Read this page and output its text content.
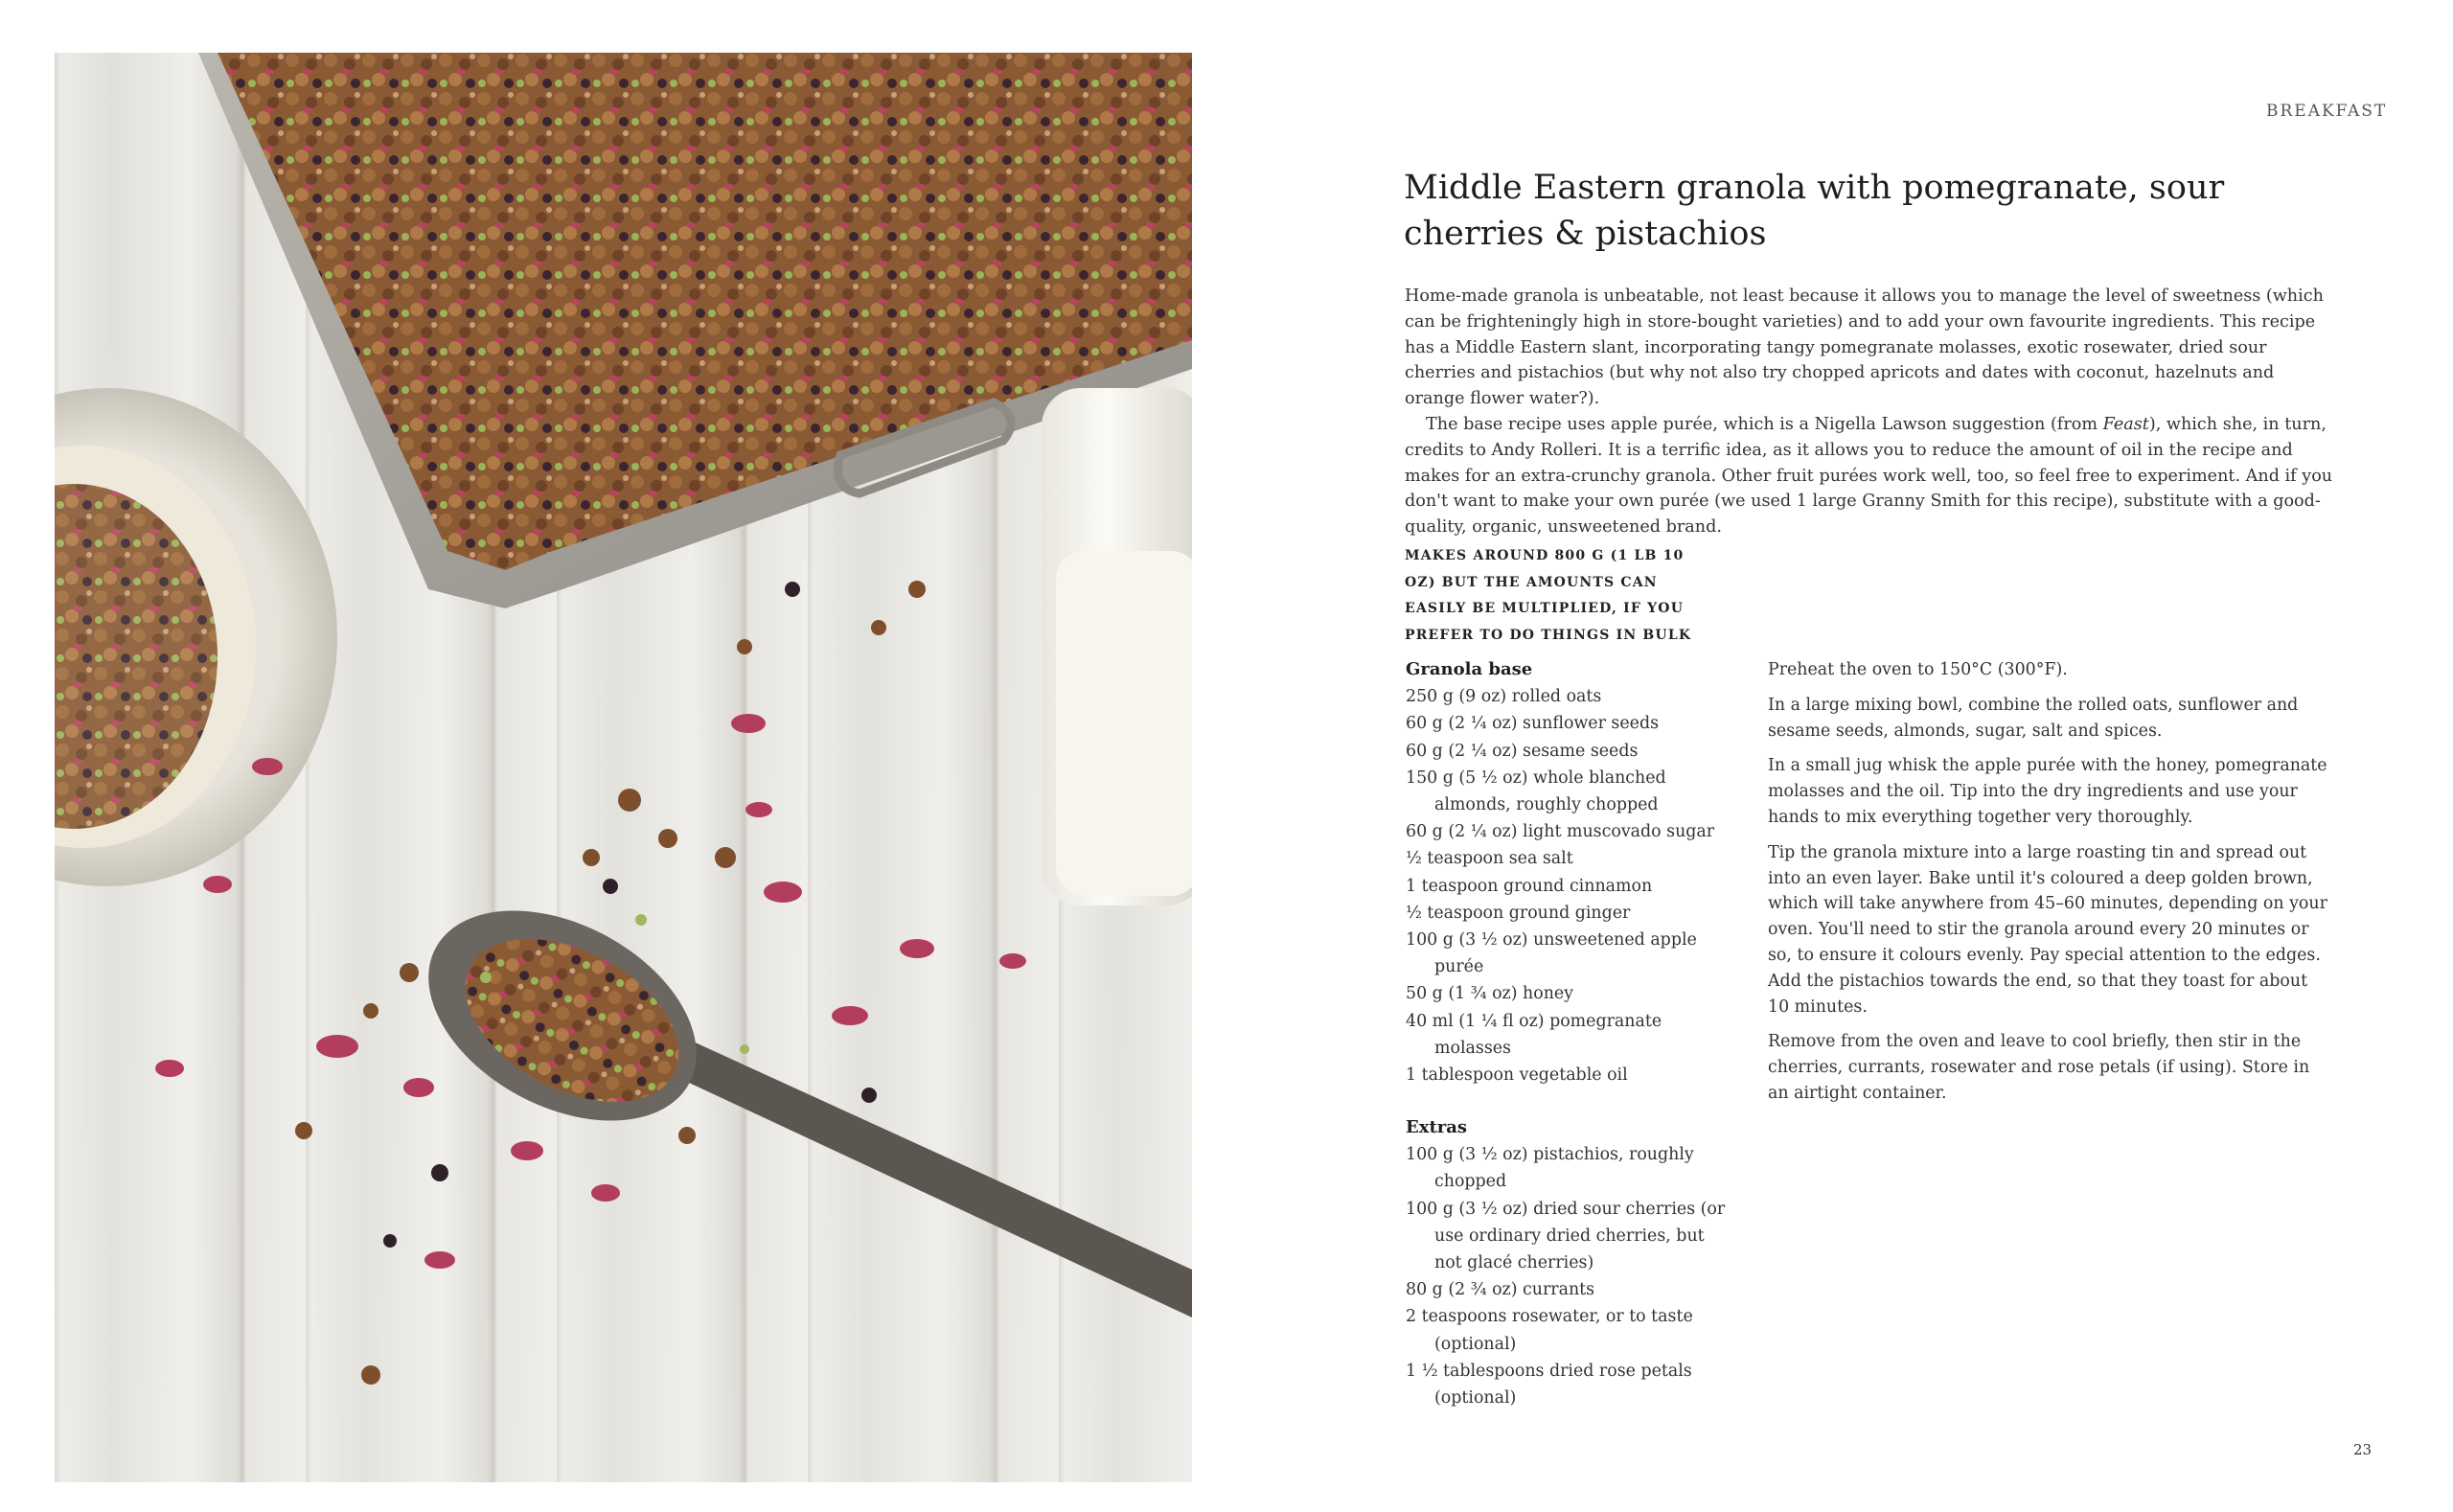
BREAKFAST
Middle Eastern granola with pomegranate, sour cherries & pistachios

Home-made granola is unbeatable, not least because it allows you to manage the level of sweetness (which can be frighteningly high in store-bought varieties) and to add your own favourite ingredients. This recipe has a Middle Eastern slant, incorporating tangy pomegranate molasses, exotic rosewater, dried sour cherries and pistachios (but why not also try chopped apricots and dates with coconut, hazelnuts and orange flower water?).

The base recipe uses apple purée, which is a Nigella Lawson suggestion (from Feast), which she, in turn, credits to Andy Rolleri. It is a terrific idea, as it allows you to reduce the amount of oil in the recipe and makes for an extra-crunchy granola. Other fruit purées work well, too, so feel free to experiment. And if you don't want to make your own purée (we used 1 large Granny Smith for this recipe), substitute with a good-quality, organic, unsweetened brand.

MAKES AROUND 800 G (1 LB 10 OZ) BUT THE AMOUNTS CAN EASILY BE MULTIPLIED, IF YOU PREFER TO DO THINGS IN BULK
Granola base
250 g (9 oz) rolled oats
60 g (2 ¼ oz) sunflower seeds
60 g (2 ¼ oz) sesame seeds
150 g (5 ½ oz) whole blanched almonds, roughly chopped
60 g (2 ¼ oz) light muscovado sugar
½ teaspoon sea salt
1 teaspoon ground cinnamon
½ teaspoon ground ginger
100 g (3 ½ oz) unsweetened apple purée
50 g (1 ¾ oz) honey
40 ml (1 ¼ fl oz) pomegranate molasses
1 tablespoon vegetable oil
Extras
100 g (3 ½ oz) pistachios, roughly chopped
100 g (3 ½ oz) dried sour cherries (or use ordinary dried cherries, but not glacé cherries)
80 g (2 ¾ oz) currants
2 teaspoons rosewater, or to taste (optional)
1 ½ tablespoons dried rose petals (optional)

Preheat the oven to 150°C (300°F).

In a large mixing bowl, combine the rolled oats, sunflower and sesame seeds, almonds, sugar, salt and spices.

In a small jug whisk the apple purée with the honey, pomegranate molasses and the oil. Tip into the dry ingredients and use your hands to mix everything together very thoroughly.

Tip the granola mixture into a large roasting tin and spread out into an even layer. Bake until it's coloured a deep golden brown, which will take anywhere from 45–60 minutes, depending on your oven. You'll need to stir the granola around every 20 minutes or so, to ensure it colours evenly. Pay special attention to the edges. Add the pistachios towards the end, so that they toast for about 10 minutes.

Remove from the oven and leave to cool briefly, then stir in the cherries, currants, rosewater and rose petals (if using). Store in an airtight container.

23
